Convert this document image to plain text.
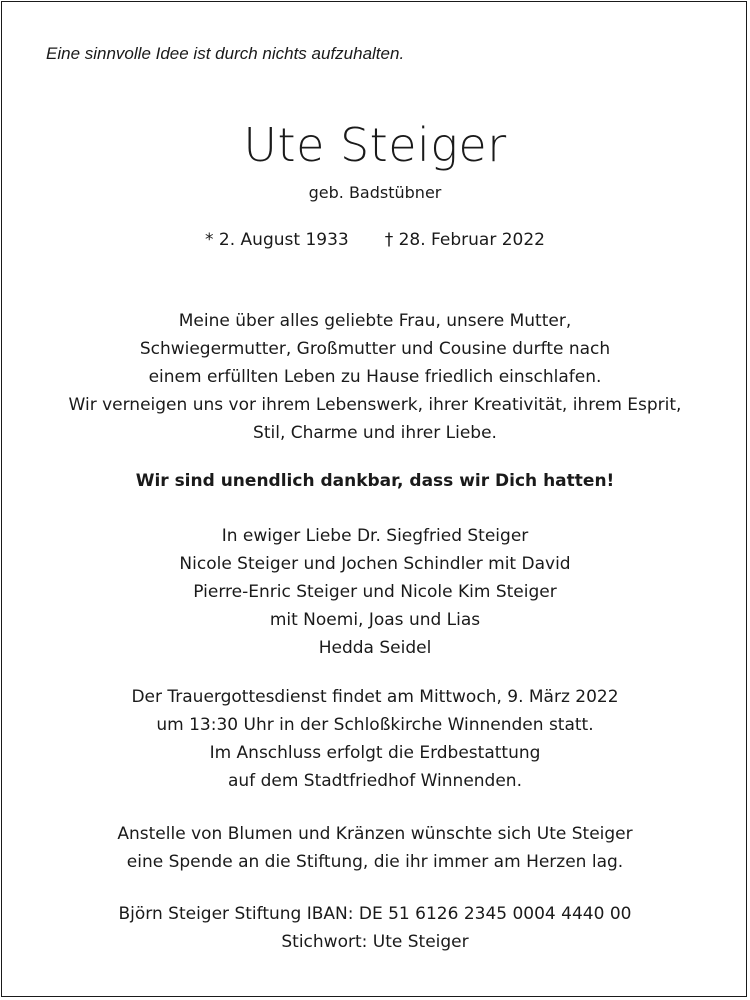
Eine sinnvolle Idee ist durch nichts aufzuhalten.
Ute Steiger
geb. Badstübner
* 2. August 1933 † 28. Februar 2022
Meine über alles geliebte Frau, unsere Mutter,
Schwiegermutter, Großmutter und Cousine durfte nach
einem erfüllten Leben zu Hause friedlich einschlafen.
Wir verneigen uns vor ihrem Lebenswerk, ihrer Kreativität, ihrem Esprit,
Stil, Charme und ihrer Liebe.
Wir sind unendlich dankbar, dass wir Dich hatten!
In ewiger Liebe Dr. Siegfried Steiger
Nicole Steiger und Jochen Schindler mit David
Pierre-Enric Steiger und Nicole Kim Steiger
mit Noemi, Joas und Lias
Hedda Seidel
Der Trauergottesdienst findet am Mittwoch, 9. März 2022
um 13:30 Uhr in der Schloßkirche Winnenden statt.
Im Anschluss erfolgt die Erdbestattung
auf dem Stadtfriedhof Winnenden.
Anstelle von Blumen und Kränzen wünschte sich Ute Steiger
eine Spende an die Stiftung, die ihr immer am Herzen lag.
Björn Steiger Stiftung IBAN: DE 51 6126 2345 0004 4440 00
Stichwort: Ute Steiger
